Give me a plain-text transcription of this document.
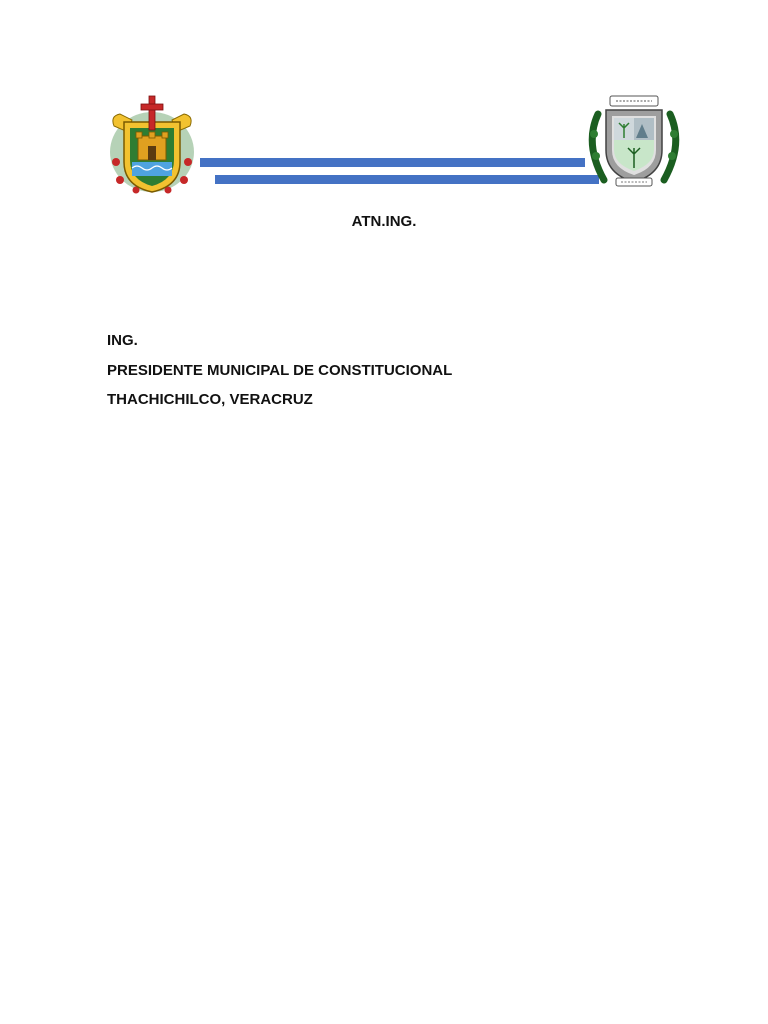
ATN.ING.
ING.
PRESIDENTE MUNICIPAL DE CONSTITUCIONAL
THACHICHILCO, VERACRUZ
